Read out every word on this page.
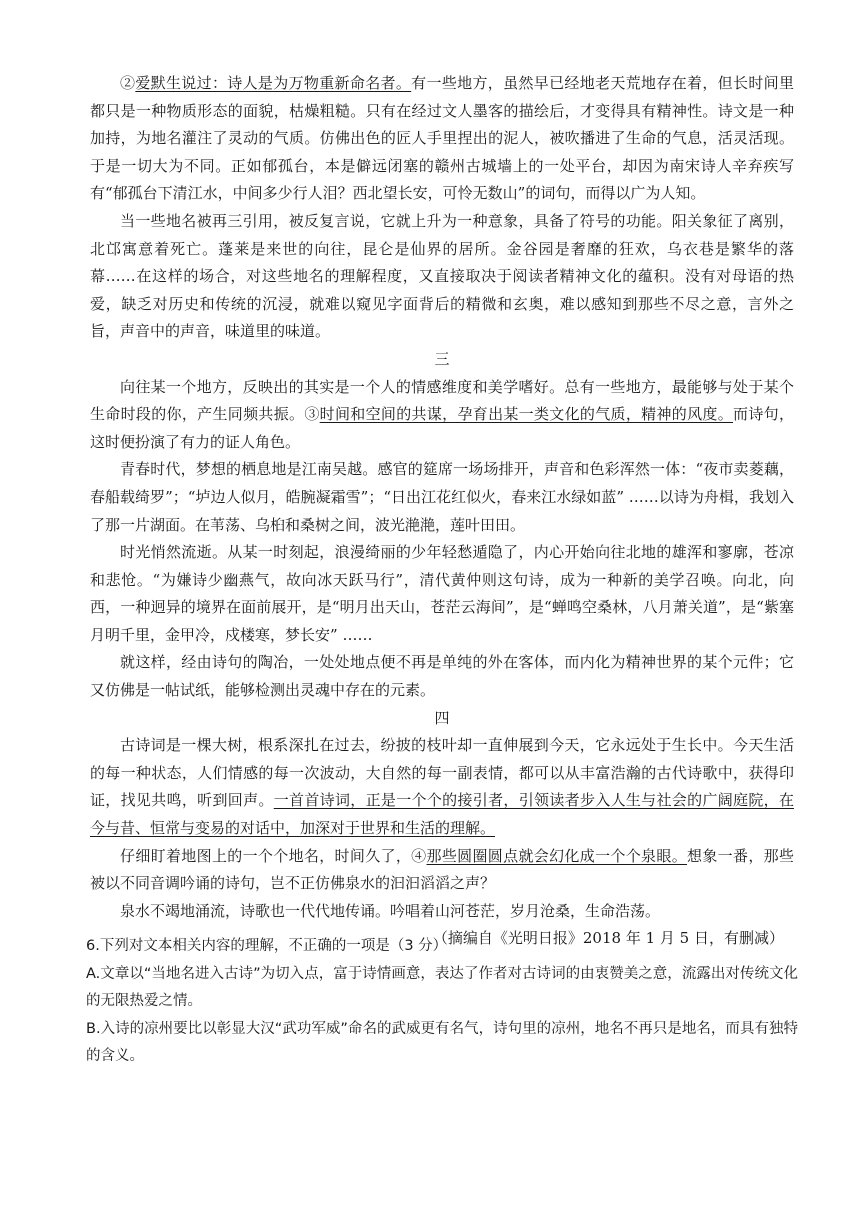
②爱默生说过：诗人是为万物重新命名者。有一些地方，虽然早已经地老天荒地存在着，但长时间里都只是一种物质形态的面貌，枯燥粗糙。只有在经过文人墨客的描绘后，才变得具有精神性。诗文是一种加持，为地名灌注了灵动的气质。仿佛出色的匠人手里捏出的泥人，被吹播进了生命的气息，活灵活现。于是一切大为不同。正如郁孤台，本是僻远闭塞的赣州古城墙上的一处平台，却因为南宋诗人辛弃疾写有“郁孤台下清江水，中间多少行人泪？西北望长安，可怜无数山”的词句，而得以广为人知。

当一些地名被再三引用，被反复言说，它就上升为一种意象，具备了符号的功能。阳关象征了离别，北邙寓意着死亡。蓬莱是来世的向往，昆仑是仙界的居所。金谷园是奢靡的狂欢，乌衣巷是繁华的落幕……在这样的场合，对这些地名的理解程度，又直接取决于阅读者精神文化的蕴积。没有对母语的热爱，缺乏对历史和传统的沉浸，就难以窥见字面背后的精微和玄奥，难以感知到那些不尽之意，言外之旨，声音中的声音，味道里的味道。

三

向往某一个地方，反映出的其实是一个人的情感维度和美学嗜好。总有一些地方，最能够与处于某个生命时段的你，产生同频共振。③时间和空间的共谋，孕育出某一类文化的气质，精神的风度。而诗句，这时便扮演了有力的证人角色。

青春时代，梦想的栖息地是江南吴越。感官的筵席一场场排开，声音和色彩浑然一体：“夜市卖菱藕，春船载绮罗”；“垆边人似月，皓腕凝霜雪”；“日出江花红似火，春来江水绿如蓝” ……以诗为舟楫，我划入了那一片湖面。在苇荡、乌桕和桑树之间，波光滟滟，莲叶田田。

时光悄然流逝。从某一时刻起，浪漫绮丽的少年轻愁遁隐了，内心开始向往北地的雄浑和寥廓，苍凉和悲怆。“为嫌诗少幽燕气，故向冰天跃马行”，清代黄仲则这句诗，成为一种新的美学召唤。向北，向西，一种迥异的境界在面前展开，是“明月出天山，苍茫云海间”，是“蝉鸣空桑林，八月萧关道”，是“紫塞月明千里，金甲冷，戍楼寒，梦长安” ……

就这样，经由诗句的陶冶，一处处地点便不再是单纯的外在客体，而内化为精神世界的某个元件；它又仿佛是一帖试纸，能够检测出灵魂中存在的元素。

四

古诗词是一棵大树，根系深扎在过去，纷披的枝叶却一直伸展到今天，它永远处于生长中。今天生活的每一种状态，人们情感的每一次波动，大自然的每一副表情，都可以从丰富浩瀚的古代诗歌中，获得印证，找见共鸣，听到回声。一首首诗词，正是一个个的接引者，引领读者步入人生与社会的广阔庭院，在今与昔、恒常与变易的对话中，加深对于世界和生活的理解。

仔细盯着地图上的一个个地名，时间久了，④那些圆圈圆点就会幻化成一个个泉眼。想象一番，那些被以不同音调吟诵的诗句，岂不正仿佛泉水的汩汩滔滔之声？

泉水不竭地涌流，诗歌也一代代地传诵。吟唱着山河苍茫，岁月沧桑，生命浩荡。

（摘编自《光明日报》2018 年 1 月 5 日，有删减）

6.下列对文本相关内容的理解，不正确的一项是（3 分）

A.文章以“当地名进入古诗”为切入点，富于诗情画意，表达了作者对古诗词的由衷赞美之意，流露出对传统文化的无限热爱之情。

B.入诗的凉州要比以彰显大汉“武功军威”命名的武威更有名气，诗句里的凉州，地名不再只是地名，而具有独特的含义。
